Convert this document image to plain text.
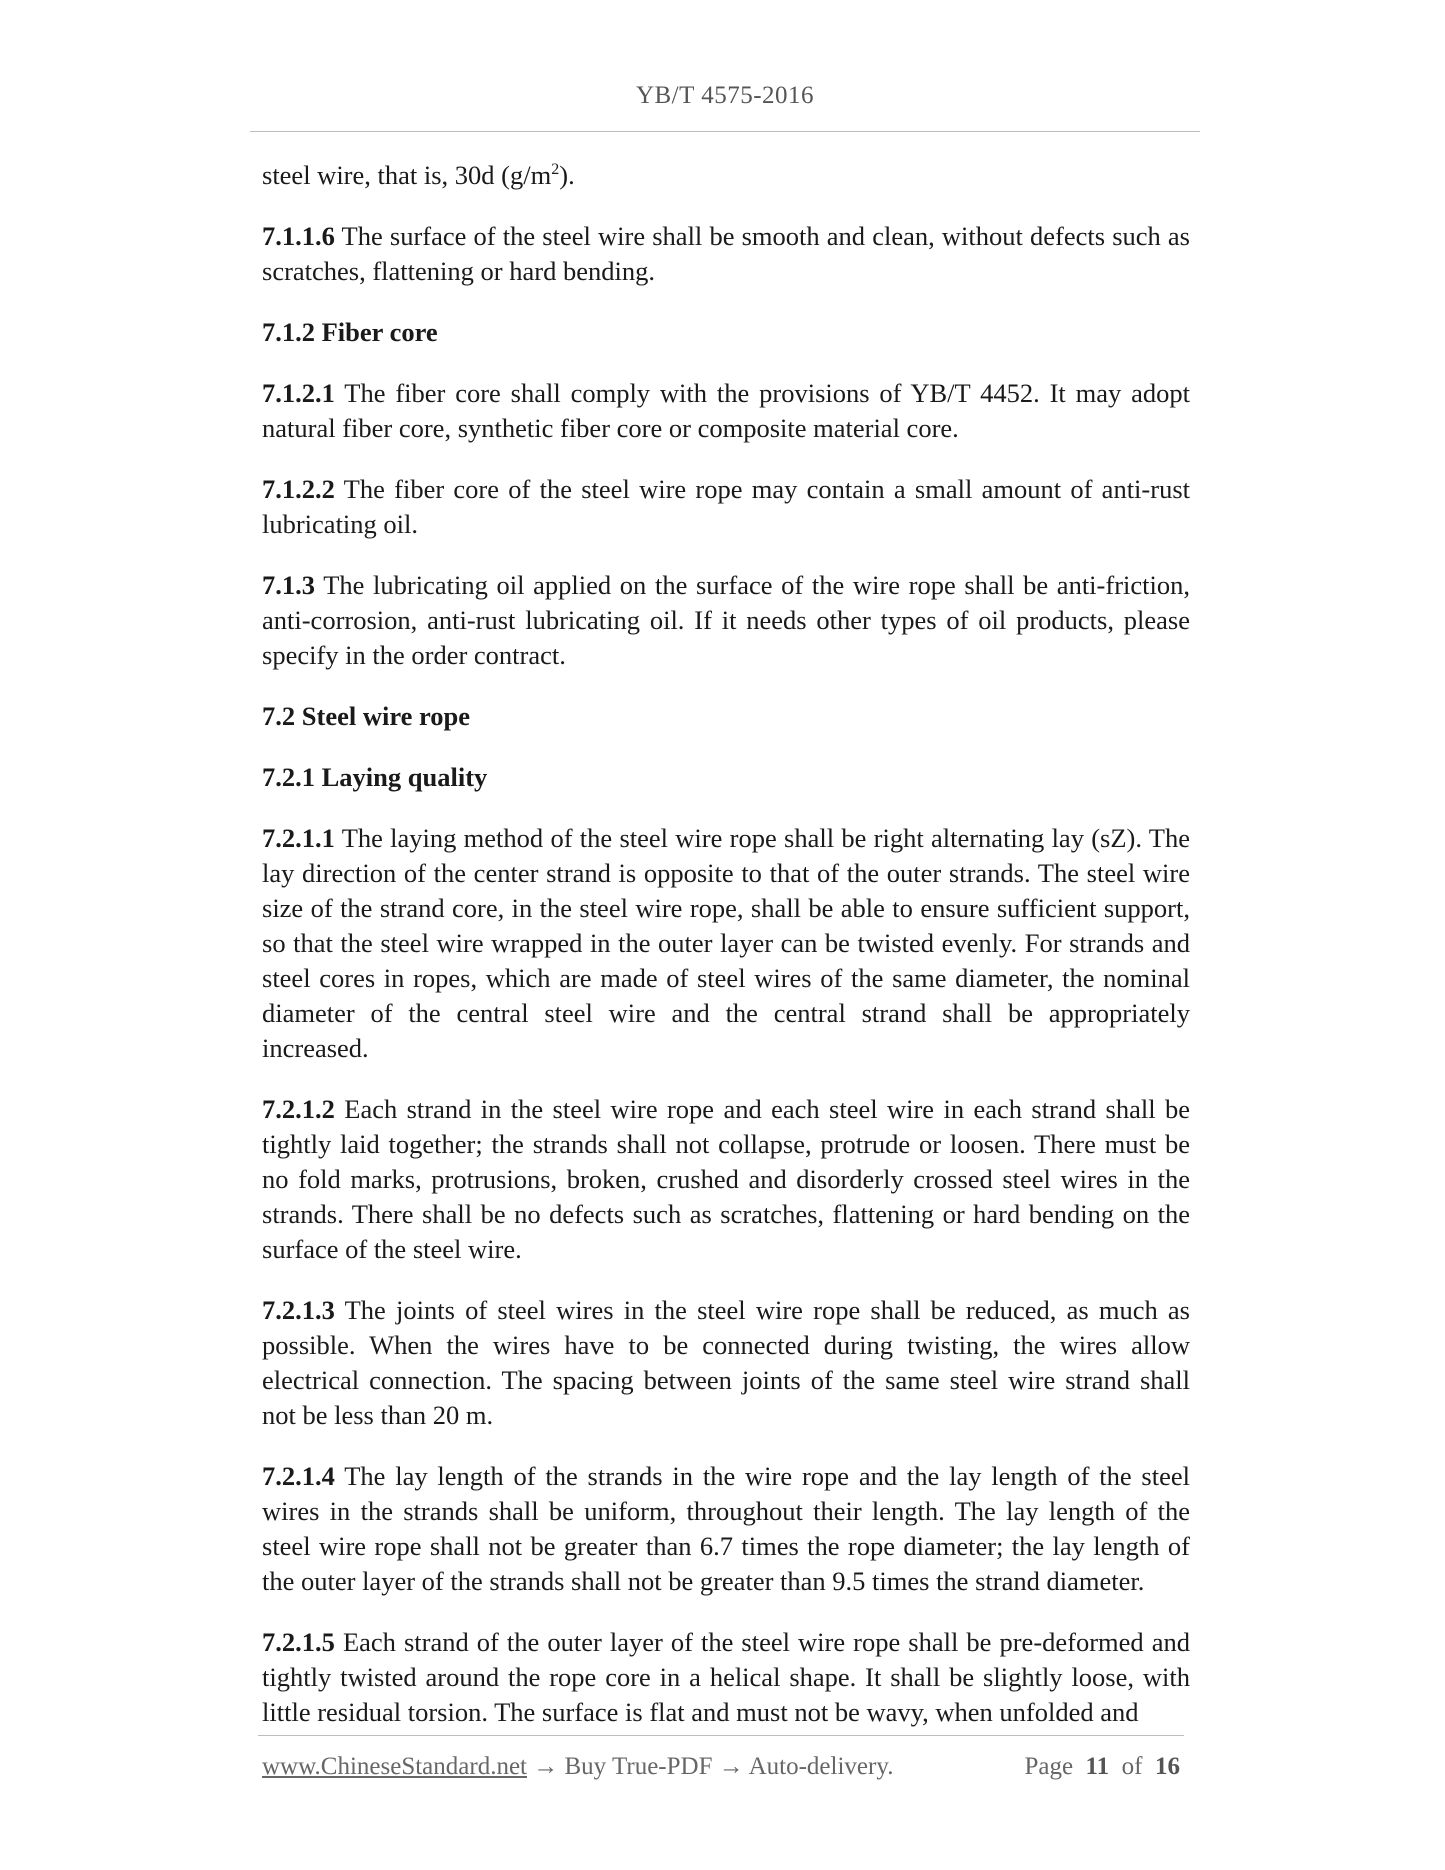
YB/T 4575-2016

steel wire, that is, 30d $(g/m^2)$.

7.1.1.6 The surface of the steel wire shall be smooth and clean, without defects such as scratches, flattening or hard bending.

7.1.2 Fiber core

7.1.2.1 The fiber core shall comply with the provisions of YB/T 4452. It may adopt natural fiber core, synthetic fiber core or composite material core.

7.1.2.2 The fiber core of the steel wire rope may contain a small amount of anti-rust lubricating oil.

7.1.3 The lubricating oil applied on the surface of the wire rope shall be anti-friction, anti-corrosion, anti-rust lubricating oil. If it needs other types of oil products, please specify in the order contract.

7.2 Steel wire rope

7.2.1 Laying quality

7.2.1.1 The laying method of the steel wire rope shall be right alternating lay (sZ). The lay direction of the center strand is opposite to that of the outer strands. The steel wire size of the strand core, in the steel wire rope, shall be able to ensure sufficient support, so that the steel wire wrapped in the outer layer can be twisted evenly. For strands and steel cores in ropes, which are made of steel wires of the same diameter, the nominal diameter of the central steel wire and the central strand shall be appropriately increased.

7.2.1.2 Each strand in the steel wire rope and each steel wire in each strand shall be tightly laid together; the strands shall not collapse, protrude or loosen. There must be no fold marks, protrusions, broken, crushed and disorderly crossed steel wires in the strands. There shall be no defects such as scratches, flattening or hard bending on the surface of the steel wire.

7.2.1.3 The joints of steel wires in the steel wire rope shall be reduced, as much as possible. When the wires have to be connected during twisting, the wires allow electrical connection. The spacing between joints of the same steel wire strand shall not be less than 20 m.

7.2.1.4 The lay length of the strands in the wire rope and the lay length of the steel wires in the strands shall be uniform, throughout their length. The lay length of the steel wire rope shall not be greater than 6.7 times the rope diameter; the lay length of the outer layer of the strands shall not be greater than 9.5 times the strand diameter.

7.2.1.5 Each strand of the outer layer of the steel wire rope shall be pre-deformed and tightly twisted around the rope core in a helical shape. It shall be slightly loose, with little residual torsion. The surface is flat and must not be wavy, when unfolded and

www.ChineseStandard.net → Buy True-PDF → Auto-delivery.	Page 11 of 16
